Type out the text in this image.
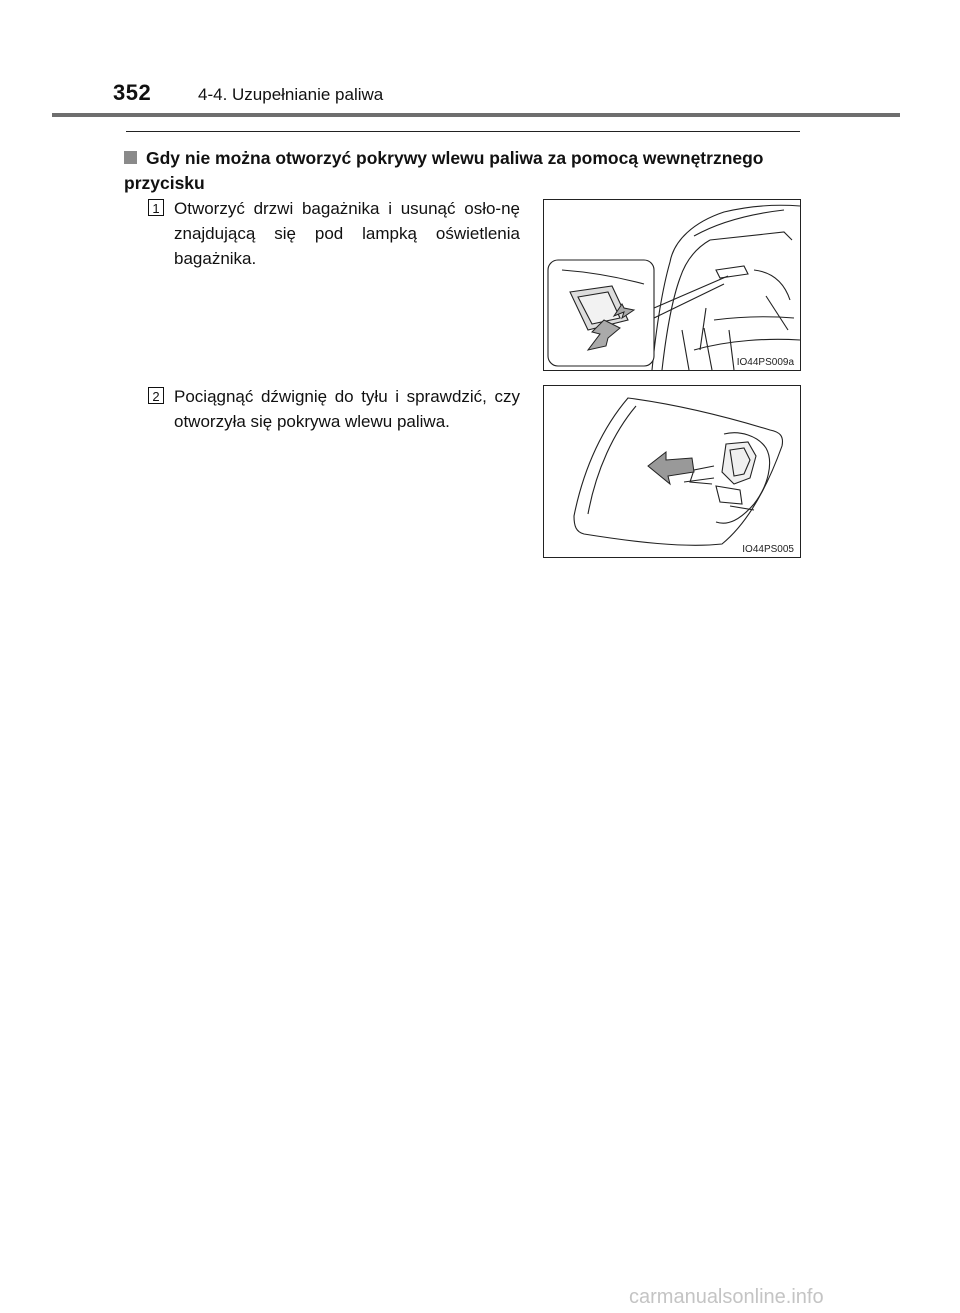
352	4-4. Uzupełnianie paliwa
Gdy nie można otworzyć pokrywy wlewu paliwa za pomocą wewnętrznego przycisku
1 Otworzyć drzwi bagażnika i usunąć osło-nę znajdującą się pod lampką oświetlenia bagażnika.
IO44PS009a
2 Pociągnąć dźwignię do tyłu i sprawdzić, czy otworzyła się pokrywa wlewu paliwa.
IO44PS005
carmanualsonline.info
